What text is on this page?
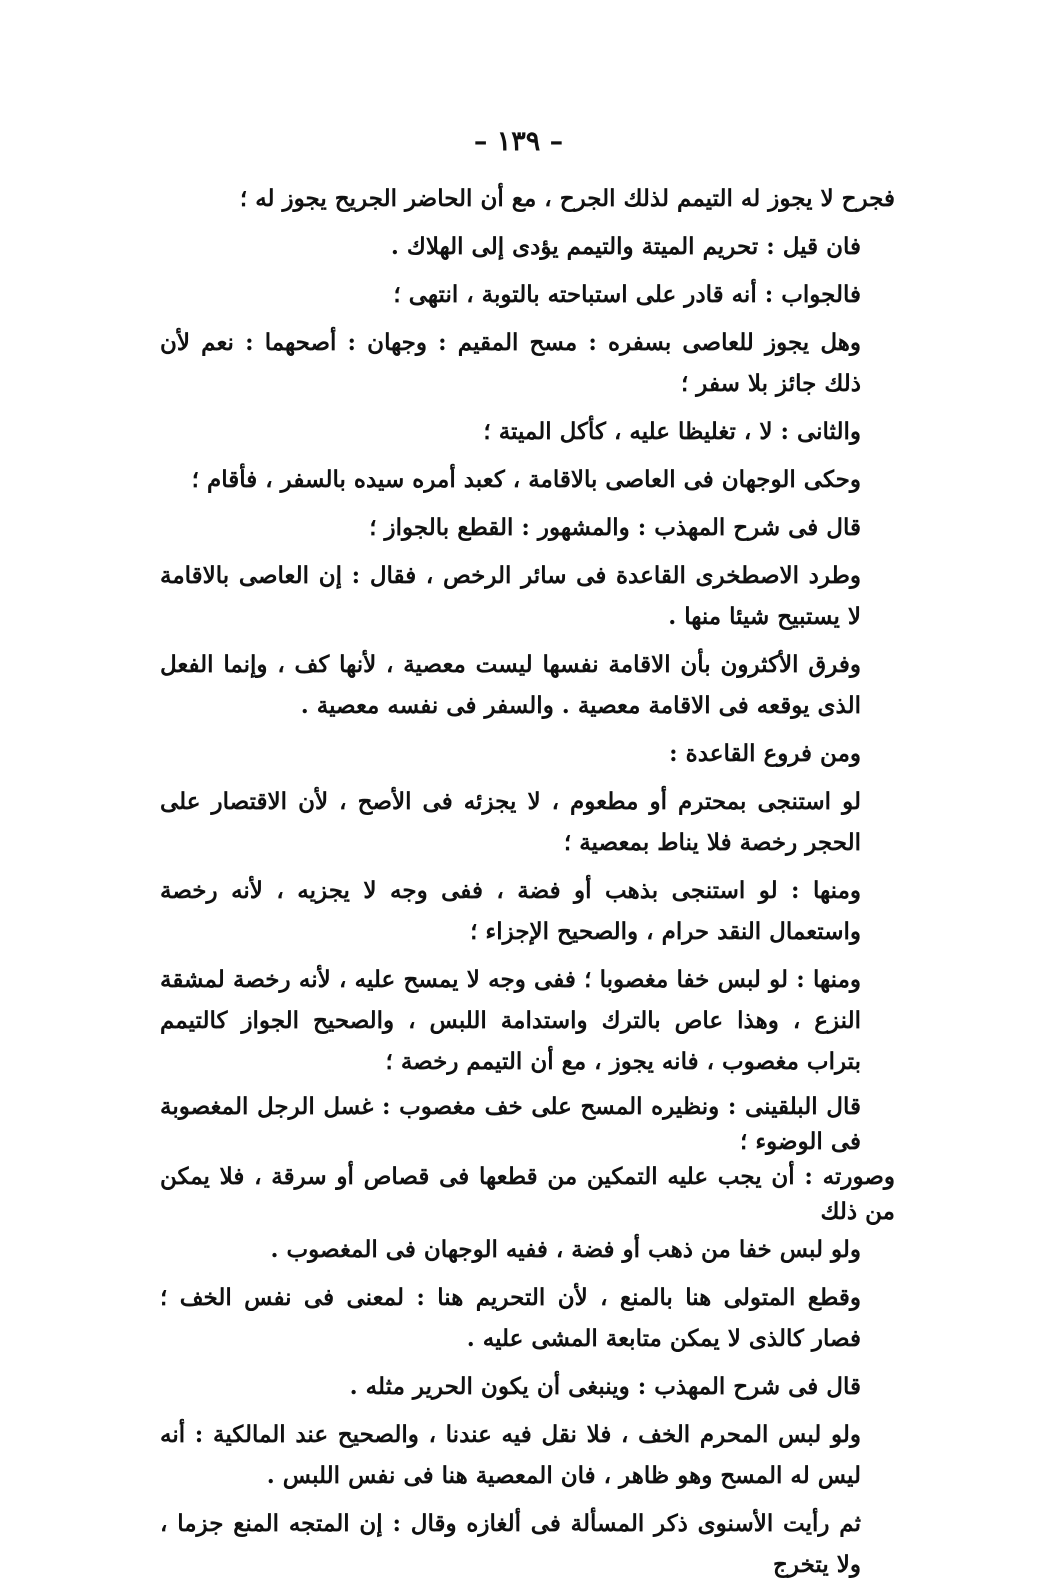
– ١٣٩ –

فجرح لا يجوز له التيمم لذلك الجرح ، مع أن الحاضر الجريح يجوز له ؛

فان قيل : تحريم الميتة والتيمم يؤدى إلى الهلاك .

فالجواب : أنه قادر على استباحته بالتوبة ، انتهى ؛

وهل يجوز للعاصى بسفره : مسح المقيم : وجهان : أصحهما : نعم لأن ذلك جائز بلا سفر ؛

والثانى : لا ، تغليظا عليه ، كأكل الميتة ؛

وحكى الوجهان فى العاصى بالاقامة ، كعبد أمره سيده بالسفر ، فأقام ؛

قال فى شرح المهذب : والمشهور : القطع بالجواز ؛

وطرد الاصطخرى القاعدة فى سائر الرخص ، فقال : إن العاصى بالاقامة لا يستبيح شيئا منها .

وفرق الأكثرون بأن الاقامة نفسها ليست معصية ، لأنها كف ، وإنما الفعل الذى يوقعه فى الاقامة معصية . والسفر فى نفسه معصية .

ومن فروع القاعدة :

لو استنجى بمحترم أو مطعوم ، لا يجزئه فى الأصح ، لأن الاقتصار على الحجر رخصة فلا يناط بمعصية ؛

ومنها : لو استنجى بذهب أو فضة ، ففى وجه لا يجزيه ، لأنه رخصة واستعمال النقد حرام ، والصحيح الإجزاء ؛

ومنها : لو لبس خفا مغصوبا ؛ ففى وجه لا يمسح عليه ، لأنه رخصة لمشقة النزع ، وهذا عاص بالترك واستدامة اللبس ، والصحيح الجواز كالتيمم بتراب مغصوب ، فانه يجوز ، مع أن التيمم رخصة ؛

قال البلقينى : ونظيره المسح على خف مغصوب : غسل الرجل المغصوبة فى الوضوء ؛

وصورته : أن يجب عليه التمكين من قطعها فى قصاص أو سرقة ، فلا يمكن من ذلك

ولو لبس خفا من ذهب أو فضة ، ففيه الوجهان فى المغصوب .

وقطع المتولى هنا بالمنع ، لأن التحريم هنا : لمعنى فى نفس الخف ؛ فصار كالذى لا يمكن متابعة المشى عليه .

قال فى شرح المهذب : وينبغى أن يكون الحرير مثله .

ولو لبس المحرم الخف ، فلا نقل فيه عندنا ، والصحيح عند المالكية : أنه ليس له المسح وهو ظاهر ، فان المعصية هنا فى نفس اللبس .

ثم رأيت الأسنوى ذكر المسألة فى ألغازه وقال : إن المتجه المنع جزما ، ولا يتخرج
